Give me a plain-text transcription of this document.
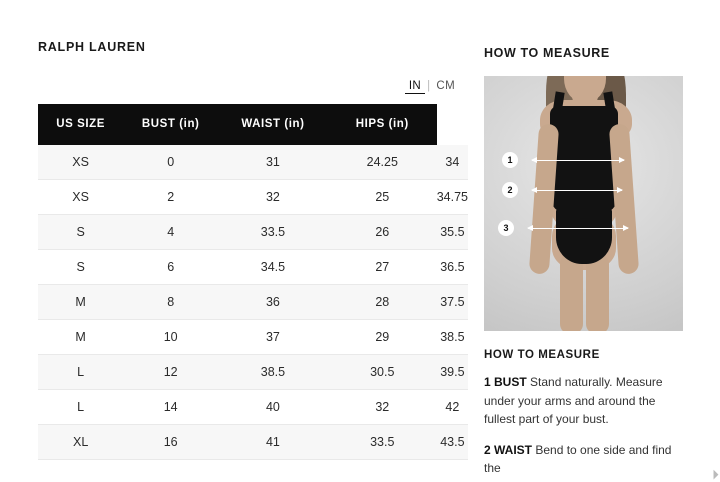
RALPH LAUREN
IN | CM
US SIZE	BUST (in)	WAIST (in)	HIPS (in)	
XS	0	31	24.25	34
XS	2	32	25	34.75
S	4	33.5	26	35.5
S	6	34.5	27	36.5
M	8	36	28	37.5
M	10	37	29	38.5
L	12	38.5	30.5	39.5
L	14	40	32	42
XL	16	41	33.5	43.5
HOW TO MEASURE
1
2
3
HOW TO MEASURE

1 BUST Stand naturally. Measure under your arms and around the fullest part of your bust.

2 WAIST Bend to one side and find the	◢
